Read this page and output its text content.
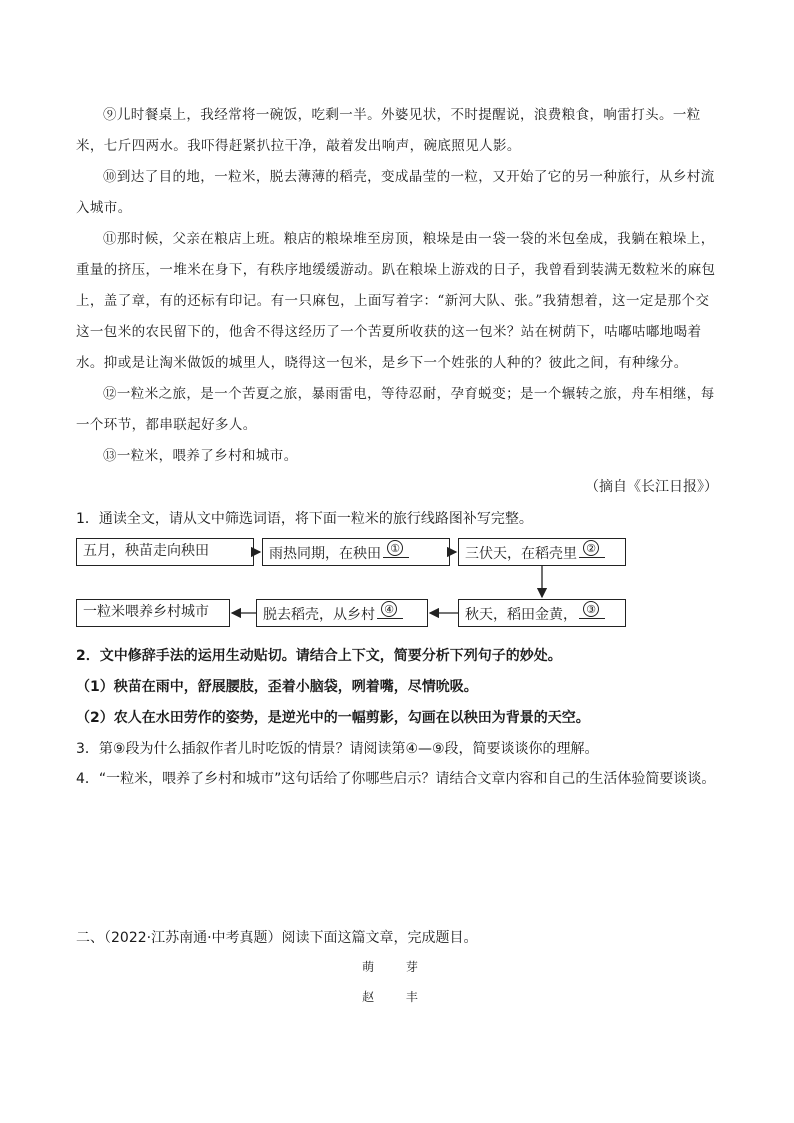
⑨儿时餐桌上，我经常将一碗饭，吃剩一半。外婆见状，不时提醒说，浪费粮食，响雷打头。一粒米，七斤四两水。我吓得赶紧扒拉干净，敲着发出响声，碗底照见人影。

⑩到达了目的地，一粒米，脱去薄薄的稻壳，变成晶莹的一粒，又开始了它的另一种旅行，从乡村流入城市。

⑪那时候，父亲在粮店上班。粮店的粮垛堆至房顶，粮垛是由一袋一袋的米包垒成，我躺在粮垛上，重量的挤压，一堆米在身下，有秩序地缓缓游动。趴在粮垛上游戏的日子，我曾看到装满无数粒米的麻包上，盖了章，有的还标有印记。有一只麻包，上面写着字：“新河大队、张。”我猜想着，这一定是那个交这一包米的农民留下的，他舍不得这经历了一个苦夏所收获的这一包米？站在树荫下，咕嘟咕嘟地喝着水。抑或是让淘米做饭的城里人，晓得这一包米，是乡下一个姓张的人种的？彼此之间，有种缘分。

⑫一粒米之旅，是一个苦夏之旅，暴雨雷电，等待忍耐，孕育蜕变；是一个辗转之旅，舟车相继，每一个环节，都串联起好多人。

⑬一粒米，喂养了乡村和城市。

（摘自《长江日报》）

1．通读全文，请从文中筛选词语，将下面一粒米的旅行线路图补写完整。

五月，秧苗走向秧田	雨热同期，在秧田 ①	三伏天，在稻壳里 ②
秋天，稻田金黄， ③
脱去稻壳，从乡村 ④
一粒米喂养乡村城市

2．文中修辞手法的运用生动贴切。请结合上下文，简要分析下列句子的妙处。

（1）秧苗在雨中，舒展腰肢，歪着小脑袋，咧着嘴，尽情吮吸。

（2）农人在水田劳作的姿势，是逆光中的一幅剪影，勾画在以秧田为背景的天空。

3．第⑨段为什么插叙作者儿时吃饭的情景？请阅读第④—⑨段，简要谈谈你的理解。

4．“一粒米，喂养了乡村和城市”这句话给了你哪些启示？请结合文章内容和自己的生活体验简要谈谈。

二、（2022·江苏南通·中考真题）阅读下面这篇文章，完成题目。

萌 芽
赵 丰
